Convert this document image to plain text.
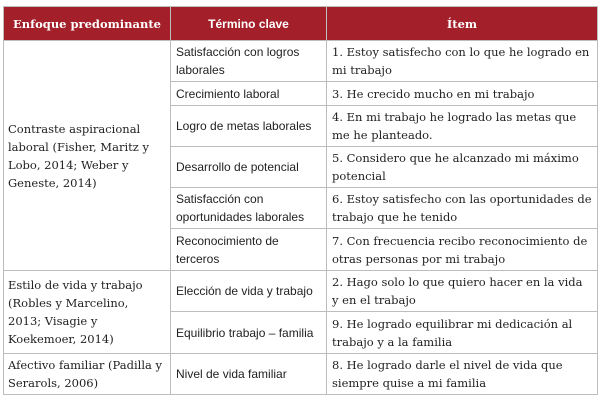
Enfoque predominante	Término clave	Ítem
Contraste aspiracional laboral (Fisher, Maritz y Lobo, 2014; Weber y Geneste, 2014)	Satisfacción con logros laborales	1. Estoy satisfecho con lo que he logrado en mi trabajo
	Crecimiento laboral	3. He crecido mucho en mi trabajo
	Logro de metas laborales	4. En mi trabajo he logrado las metas que me he planteado.
	Desarrollo de potencial	5. Considero que he alcanzado mi máximo potencial
	Satisfacción con oportunidades laborales	6. Estoy satisfecho con las oportunidades de trabajo que he tenido
	Reconocimiento de terceros	7. Con frecuencia recibo reconocimiento de otras personas por mi trabajo
Estilo de vida y trabajo (Robles y Marcelino, 2013; Visagie y Koekemoer, 2014)	Elección de vida y trabajo	2. Hago solo lo que quiero hacer en la vida y en el trabajo
	Equilibrio trabajo – familia	9. He logrado equilibrar mi dedicación al trabajo y a la familia
Afectivo familiar (Padilla y Serarols, 2006)	Nivel de vida familiar	8. He logrado darle el nivel de vida que siempre quise a mi familia
